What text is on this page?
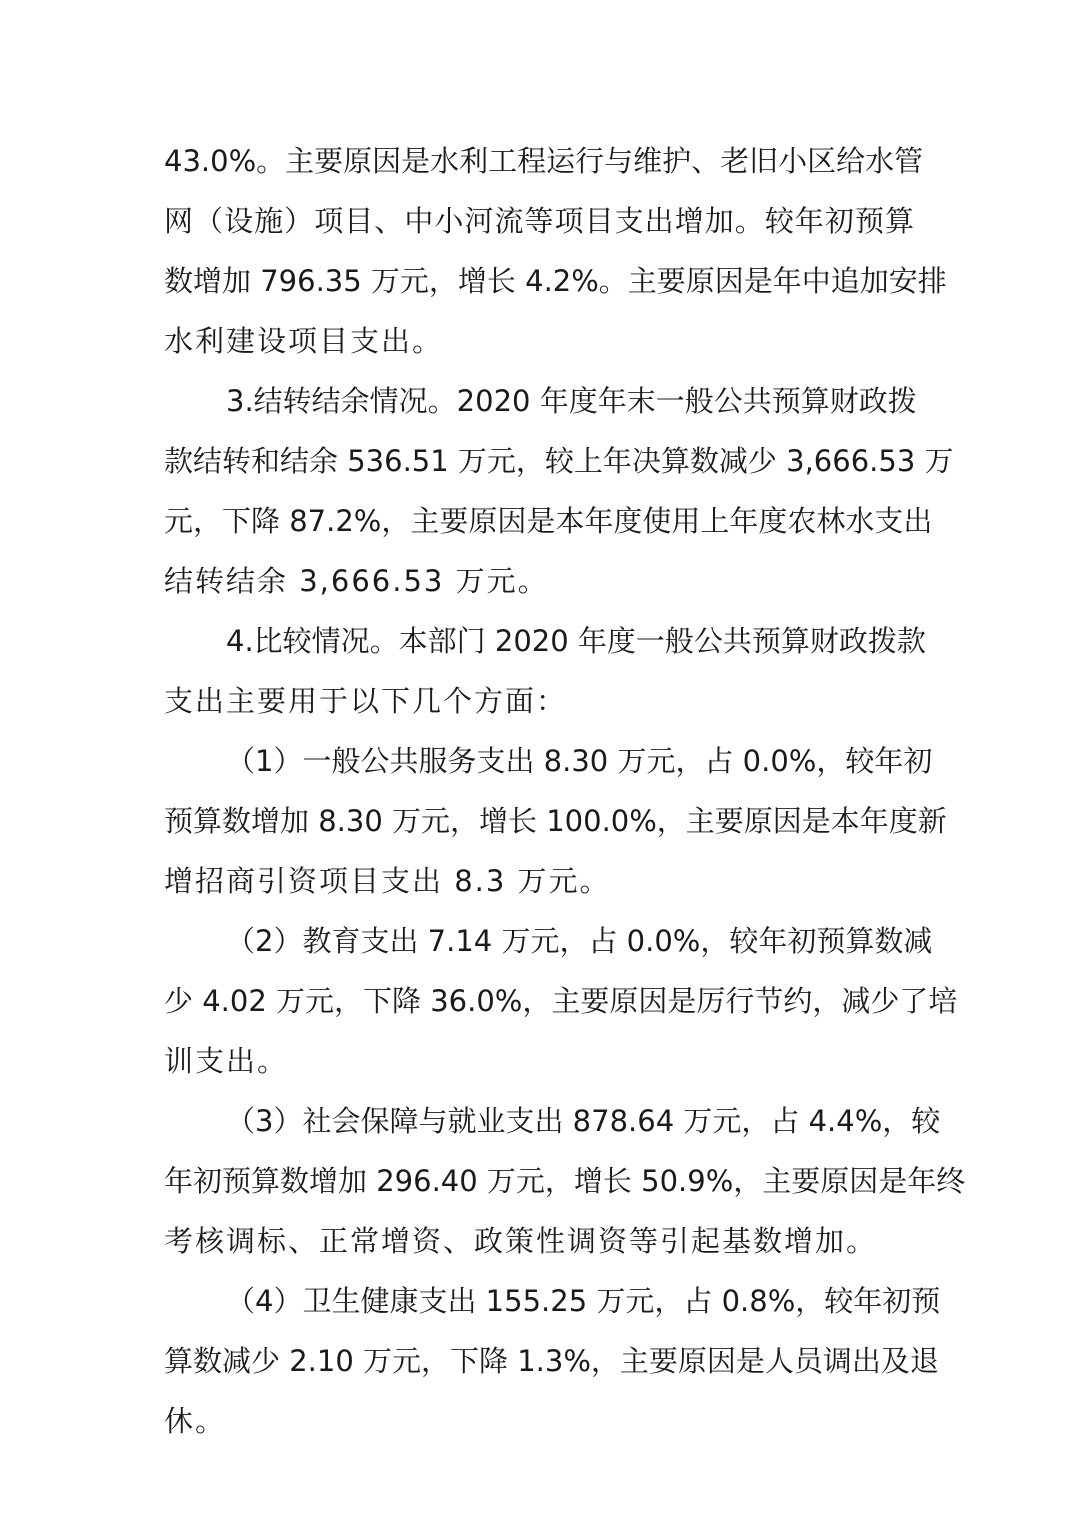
43.0%。主要原因是水利工程运行与维护、老旧小区给水管
网（设施）项目、中小河流等项目支出增加。较年初预算
数增加 796.35 万元，增长 4.2%。主要原因是年中追加安排
水利建设项目支出。
3.结转结余情况。2020 年度年末一般公共预算财政拨
款结转和结余 536.51 万元，较上年决算数减少 3,666.53 万
元，下降 87.2%，主要原因是本年度使用上年度农林水支出
结转结余 3,666.53 万元。
4.比较情况。本部门 2020 年度一般公共预算财政拨款
支出主要用于以下几个方面：
（1）一般公共服务支出 8.30 万元，占 0.0%，较年初
预算数增加 8.30 万元，增长 100.0%，主要原因是本年度新
增招商引资项目支出 8.3 万元。
（2）教育支出 7.14 万元，占 0.0%，较年初预算数减
少 4.02 万元，下降 36.0%，主要原因是厉行节约，减少了培
训支出。
（3）社会保障与就业支出 878.64 万元，占 4.4%，较
年初预算数增加 296.40 万元，增长 50.9%，主要原因是年终
考核调标、正常增资、政策性调资等引起基数增加。
（4）卫生健康支出 155.25 万元，占 0.8%，较年初预
算数减少 2.10 万元，下降 1.3%，主要原因是人员调出及退
休。
